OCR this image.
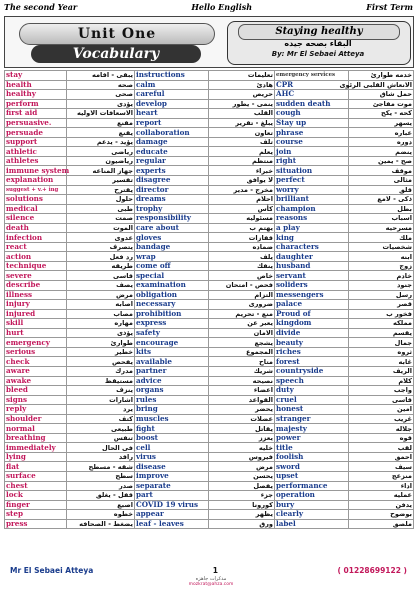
The second Year	Hello English	First Term
Unit One
Vocabulary
Staying healthy
البقاء بصحه جيده
By: Mr El Sebaei Atteya
stay	يبقى - اقامه	instructions	تعليمات	emergency services	خدمه طوارئ
health	صحه	calm	هادئ	CPR	الانعاش القلبى الرئوى
healthy	صحى	careful	حريص	AHC	حمل شاق
perform	يؤدى	develop	ينمى - يطور	sudden death	موت مفاجئ
first aid	الاسعافات الاوليه	heart	القلب	cough	كحه - يكح
persuasive.	مقنع	report	يبلغ - تقرير	Stay up	يسهر
persuade	يقنع	collaboration	تعاون	phrase	عباره
support	يؤيد - يدعم	damage	تلف	course	دوره
athletic	رياضى	educate	يعلم	join	ينضم
athletes	رياضيون	regular	منتظم	right	صح - يمين
immune system	جهاز المناعه	experts	خبراء	situation	موقف
explanation	تفسير	disagree	لا يوافق	perfect	مثالى
suggest + v.+ ing	يقترح	director	مخرج - مدير	worry	قلق
solutions	حلول	dreams	احلام	brilliant	ذكى - لامع
medical	طبى	trophy	كأس	champion	بطل
silence	صمت	responsibility	مسئوليه	reasons	اسباب
death	الموت	care about	يهتم ب	a play	مسرحيه
infection	عدوى	gloves	قفازات	king	ملك
react	يتصرف	bandage	ضماده	characters	شخصيات
action	رد فعل	wrap	يلف	daughter	ابنه
technique	طريقه	come off	ينفك	husband	زوج
severe	قاسى	special	خاص	servant	خادم
describe	يصف	examination	فحص - امتحان	soliders	جنود
illness	مرض	obligation	التزام	messengers	رسل
injury	اصابه	necessary	ضرورى	palace	قصر
injured	مصاب	prohibition	منع - تحريم	Proud of	فخور ب
skill	مهاره	express	يعبر عن	kingdom	مملكه
hurt	يؤذى	safety	الامان	divide	يقسم
emergency	طوارئ	encourage	يشجع	beauty	جمال
serious	خطير	kits	المجموع	riches	ثروه
check	يفحص	available	متاح	forest	غابه
aware	مدرك	partner	شريك	countryside	الريف
awake	مستيقظ	advice	نصيحه	speech	كلام
bleed	ينزف	organs	اعضاء	duty	واجب
signs	اشارات	rules	القواعد	cruel	قاسى
reply	يرد	bring	يحضر	honest	امين
shoulder	كتف	muscles	عضلات	stranger	غريب
normal	طبيعى	fight	يقاتل	majesty	جلاله
breathing	تنفس	boost	يعزز	power	قوه
immediately	فى الحال	cell	خليه	title	لقب
lying	راقد	virus	فيروس	foolish	احمق
flat	شقه - مسطح	disease	مرض	sword	سيف
surface	سطح	improve	يحسن	upset	منزعج
chest	صدر	separate	يفصل	performance	اداء
lock	قفل - يغلق	part	جزء	operation	عمليه
finger	اصبع	COVID 19 virus	كورونا	bury	يدفن
step	خطوه	appear	يظهر	clearly	بوضوح
press	يضغط - الصحافه	leaf - leaves	ورق	label	ملصق
Mr El Sebaei Atteya	1	( 01228699122 )
مذكرات جاهزه
mozkrat@ahza.com
